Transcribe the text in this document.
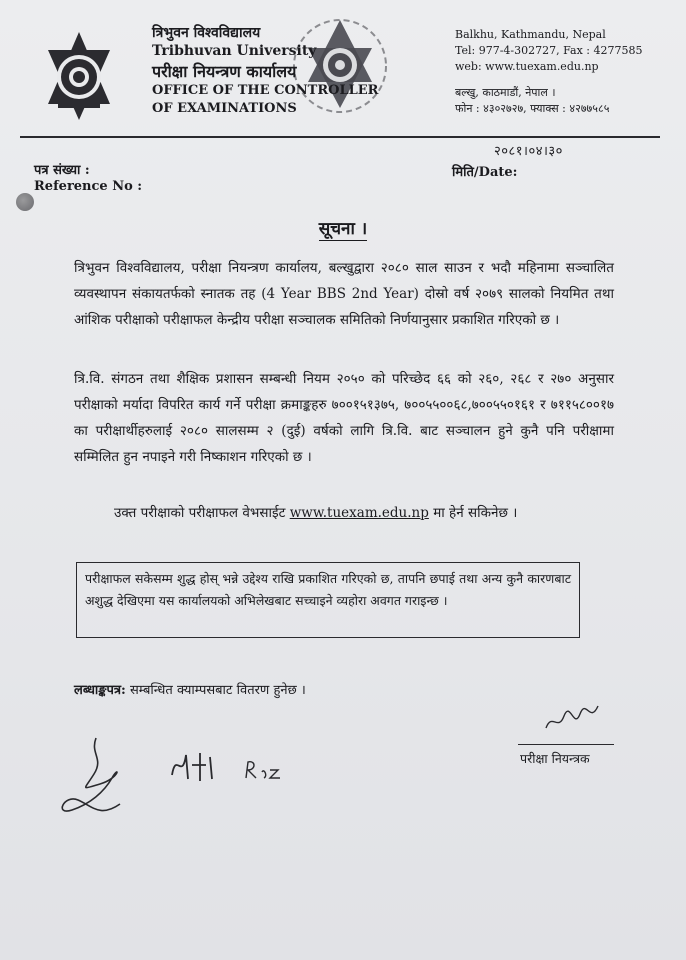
त्रिभुवन विश्वविद्यालय
Tribhuvan University
परीक्षा नियन्त्रण कार्यालय
OFFICE OF THE CONTROLLER
OF EXAMINATIONS
Balkhu, Kathmandu, Nepal
Tel: 977-4-302727, Fax : 4277585
web: www.tuexam.edu.np
बल्खु, काठमाडौं, नेपाल ।
फोन : ४३०२७२७, फ्याक्स : ४२७७५८५
२०८१।०४।३०
पत्र संख्या :
Reference No :
मिति/Date:
सूचना ।
त्रिभुवन विश्वविद्यालय, परीक्षा नियन्त्रण कार्यालय, बल्खुद्वारा २०८० साल साउन र भदौ महिनामा सञ्चालित व्यवस्थापन संकायतर्फको स्नातक तह (4 Year BBS 2nd Year) दोस्रो वर्ष २०७९ सालको नियमित तथा आंशिक परीक्षाको परीक्षाफल केन्द्रीय परीक्षा सञ्चालक समितिको निर्णयानुसार प्रकाशित गरिएको छ ।
त्रि.वि. संगठन तथा शैक्षिक प्रशासन सम्बन्धी नियम २०५० को परिच्छेद ६६ को २६०, २६८ र २७० अनुसार परीक्षाको मर्यादा विपरित कार्य गर्ने परीक्षा क्रमाङ्कहरु ७००१५१३७५, ७००५५००६८,७००५५०१६१ र ७११५८००१७ का परीक्षार्थीहरुलाई २०८० सालसम्म २ (दुई) वर्षको लागि त्रि.वि. बाट सञ्चालन हुने कुनै पनि परीक्षामा सम्मिलित हुन नपाइने गरी निष्काशन गरिएको छ ।
उक्त परीक्षाको परीक्षाफल वेभसाईट www.tuexam.edu.np मा हेर्न सकिनेछ ।
परीक्षाफल सकेसम्म शुद्ध होस् भन्ने उद्देश्य राखि प्रकाशित गरिएको छ, तापनि छपाई तथा अन्य कुनै कारणबाट अशुद्ध देखिएमा यस कार्यालयको अभिलेखबाट सच्चाइने व्यहोरा अवगत गराइन्छ ।
लब्धाङ्कपत्र: सम्बन्धित क्याम्पसबाट वितरण हुनेछ ।
परीक्षा नियन्त्रक
